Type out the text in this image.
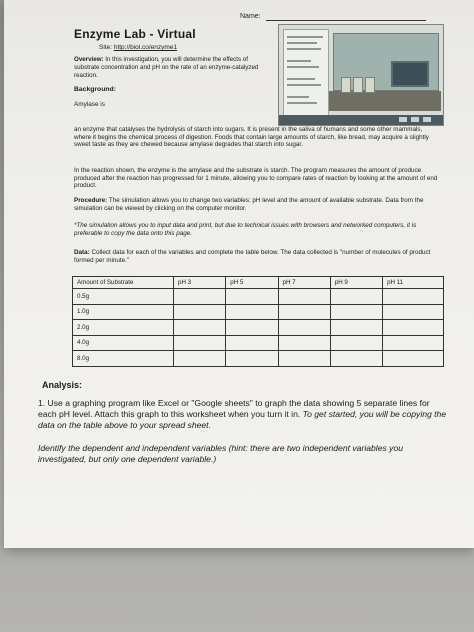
Name:
Enzyme Lab - Virtual
Site: http://biol.co/enzyme1
Overview: In this investigation, you will determine the effects of substrate concentration and pH on the rate of an enzyme-catalyzed reaction.
Background:
Amylase is
an enzyme that catalyses the hydrolysis of starch into sugars. It is present in the saliva of humans and some other mammals, where it begins the chemical process of digestion. Foods that contain large amounts of starch, like bread, may acquire a slightly sweet taste as they are chewed because amylase degrades that starch into sugar.
In the reaction shown, the enzyme is the amylase and the substrate is starch. The program measures the amount of produce produced after the reaction has progressed for 1 minute, allowing you to compare rates of reaction by looking at the amount of end product.
Procedure: The simulation allows you to change two variables: pH level and the amount of available substrate. Data from the simulation can be viewed by clicking on the computer monitor.
*The simulation allows you to input data and print, but due to technical issues with browsers and networked computers, it is preferable to copy the data onto this page.
Data: Collect data for each of the variables and complete the table below. The data collected is "number of molecules of product formed per minute."
Amount of Substrate	pH 3	pH 5	pH 7	pH 9	pH 11
0.5g					
1.0g					
2.0g					
4.0g					
8.0g					
Analysis:
1. Use a graphing program like Excel or "Google sheets" to graph the data showing 5 separate lines for each pH level. Attach this graph to this worksheet when you turn it in. To get started, you will be copying the data on the table above to your spread sheet.
Identify the dependent and independent variables (hint: there are two independent variables you investigated, but only one dependent variable.)
